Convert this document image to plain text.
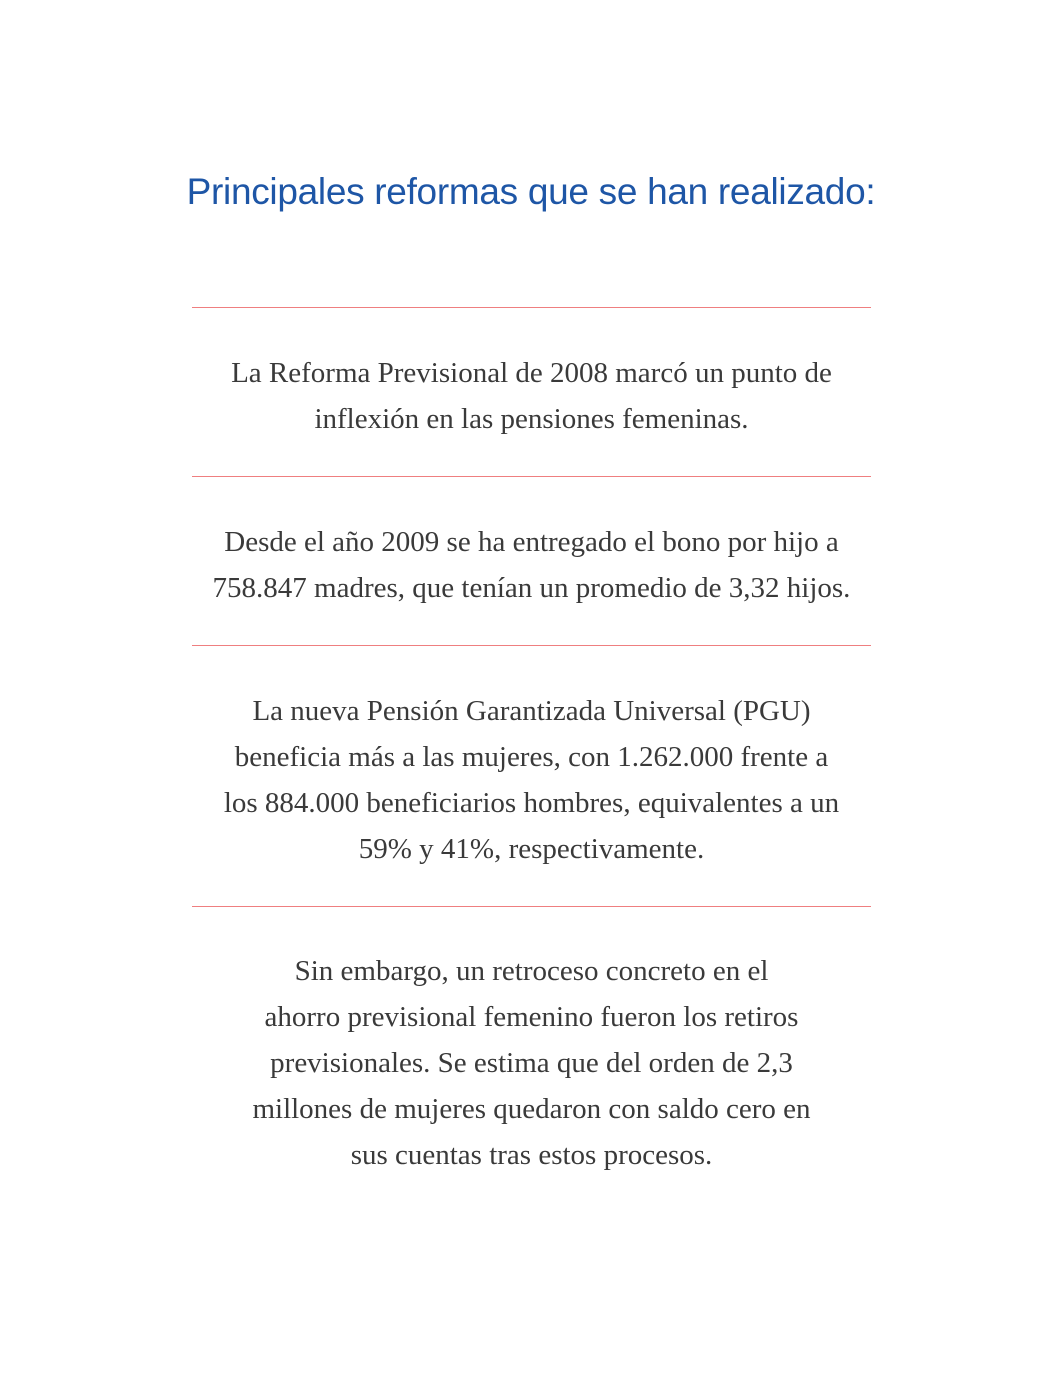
Principales reformas que se han realizado:

La Reforma Previsional de 2008 marcó un punto de
inflexión en las pensiones femeninas.

Desde el año 2009 se ha entregado el bono por hijo a
758.847 madres, que tenían un promedio de 3,32 hijos.

La nueva Pensión Garantizada Universal (PGU)
beneficia más a las mujeres, con 1.262.000 frente a
los 884.000 beneficiarios hombres, equivalentes a un
59% y 41%, respectivamente.

Sin embargo, un retroceso concreto en el
ahorro previsional femenino fueron los retiros
previsionales. Se estima que del orden de 2,3
millones de mujeres quedaron con saldo cero en
sus cuentas tras estos procesos.
